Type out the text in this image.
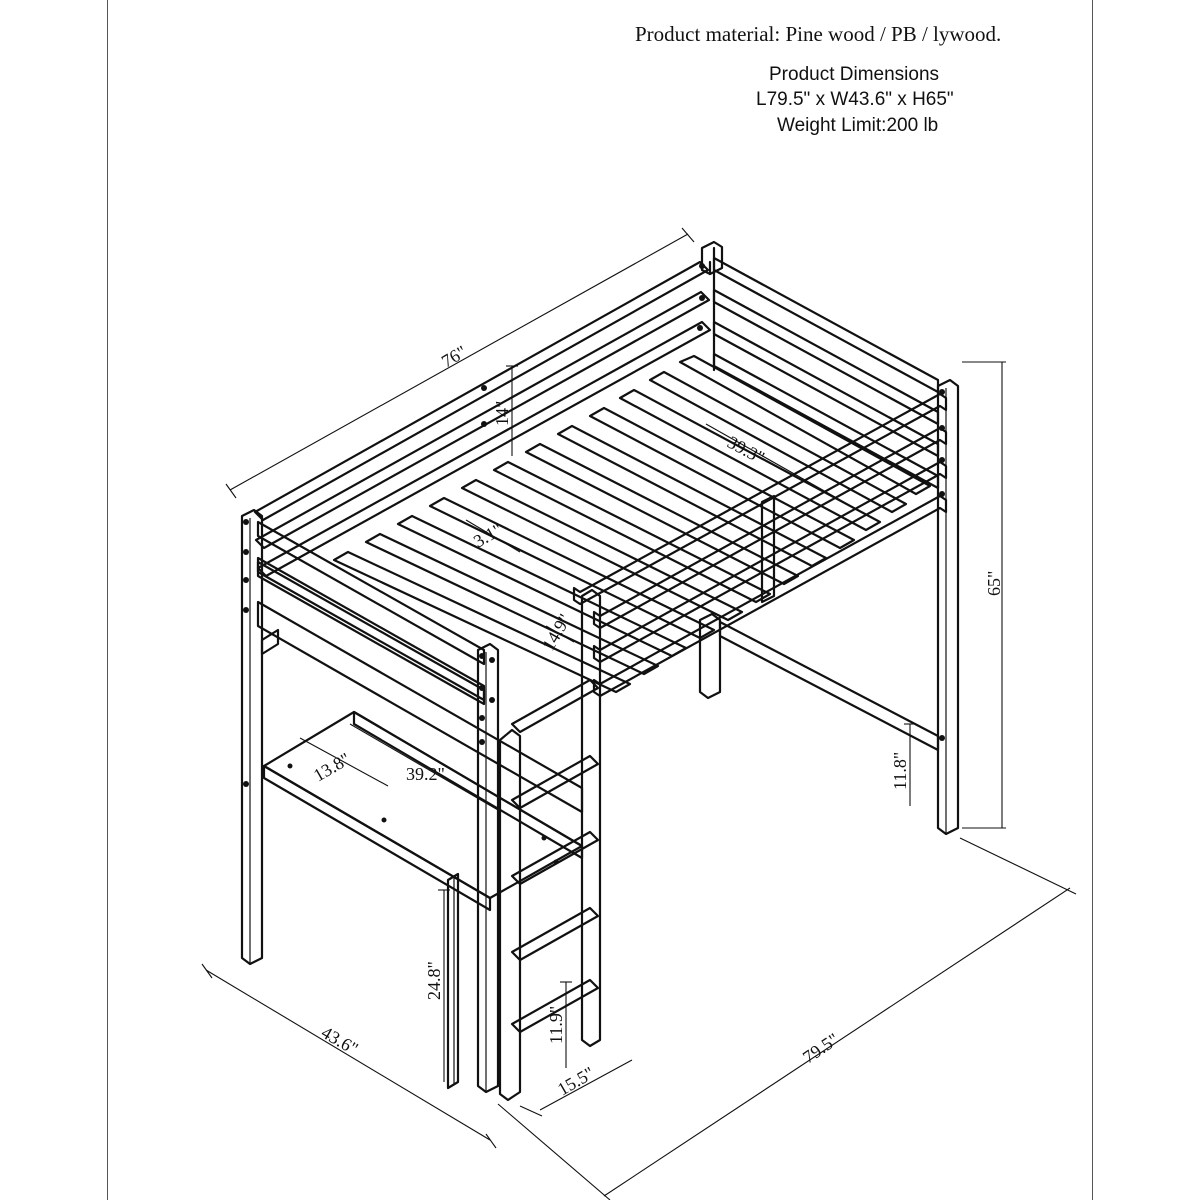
Product material: Pine wood / PB / lywood.
Product Dimensions
L79.5" x W43.6" x H65"
Weight Limit:200 lb
76"
14"
39.3"
3.1"
14.9"
65"
11.8"
13.8"	39.2"
24.8"
11.9"
15.5"
43.6"	79.5"
